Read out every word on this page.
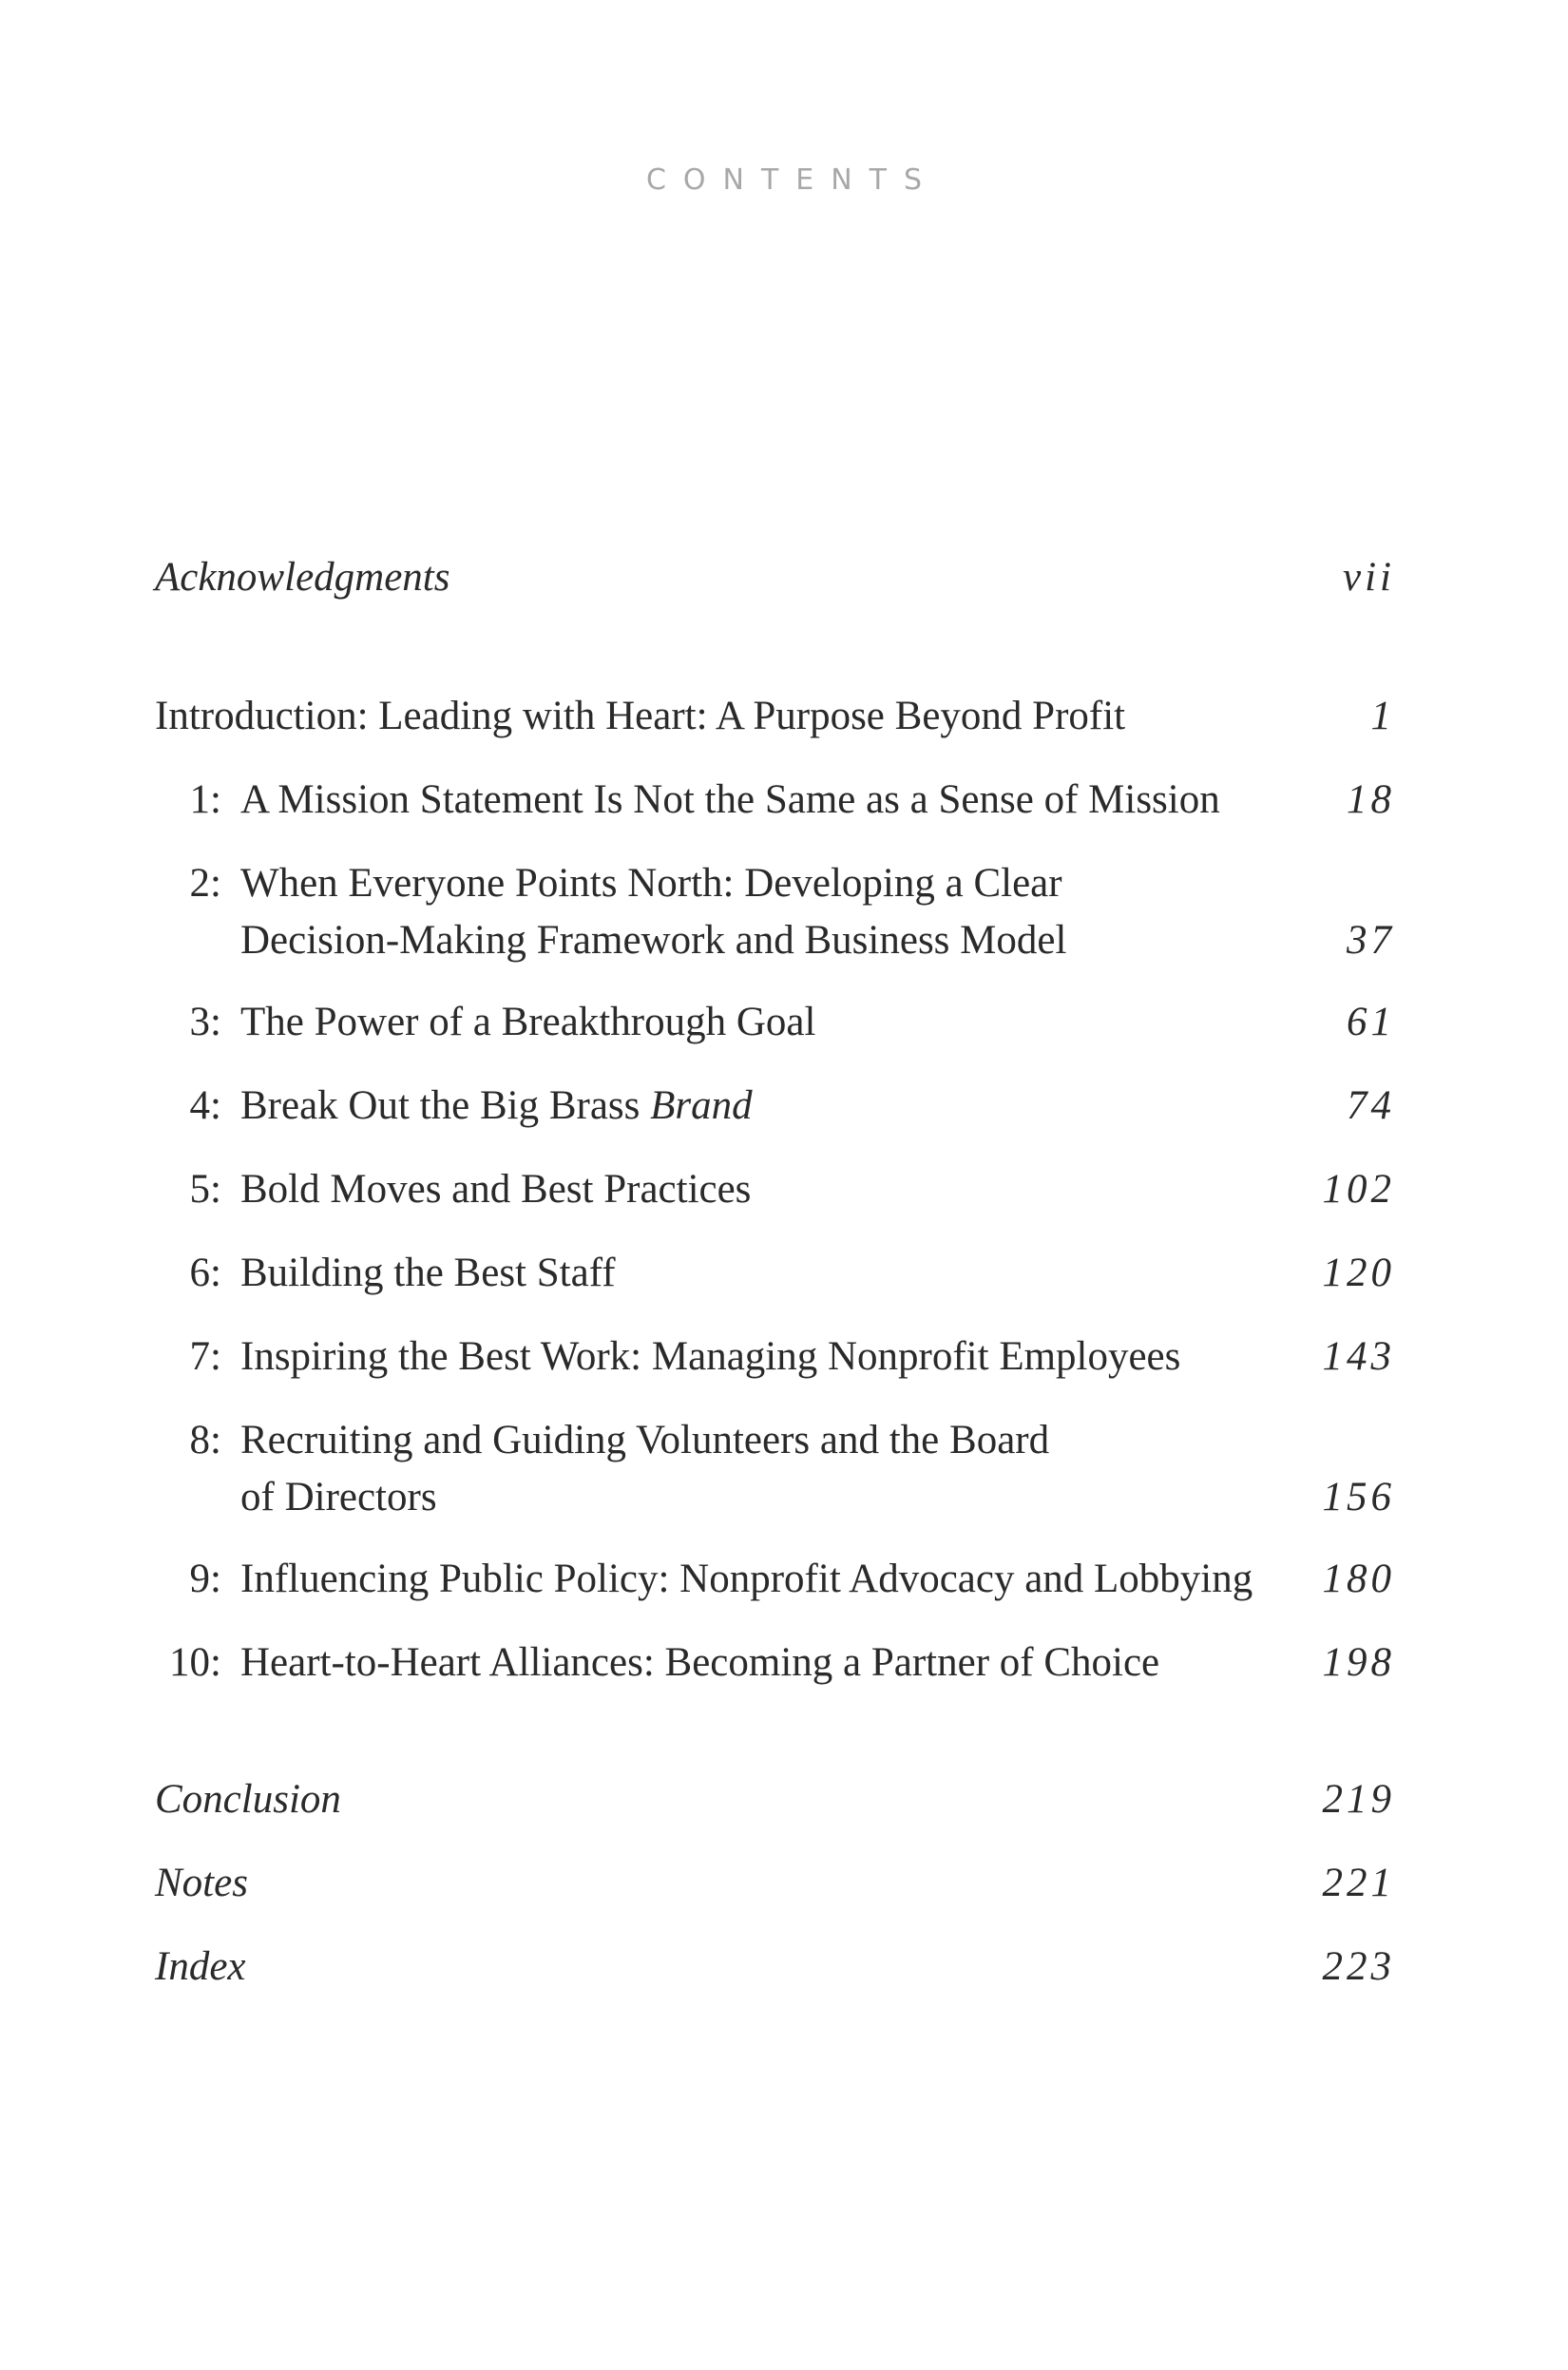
CONTENTS
Acknowledgments	vii
Introduction: Leading with Heart: A Purpose Beyond Profit	1
1: A Mission Statement Is Not the Same as a Sense of Mission	18
2: When Everyone Points North: Developing a Clear
Decision-Making Framework and Business Model	37
3: The Power of a Breakthrough Goal	61
4: Break Out the Big Brass Brand	74
5: Bold Moves and Best Practices	102
6: Building the Best Staff	120
7: Inspiring the Best Work: Managing Nonprofit Employees	143
8: Recruiting and Guiding Volunteers and the Board
of Directors	156
9: Influencing Public Policy: Nonprofit Advocacy and Lobbying 180
10: Heart-to-Heart Alliances: Becoming a Partner of Choice	198
Conclusion	219
Notes	221
Index	223
